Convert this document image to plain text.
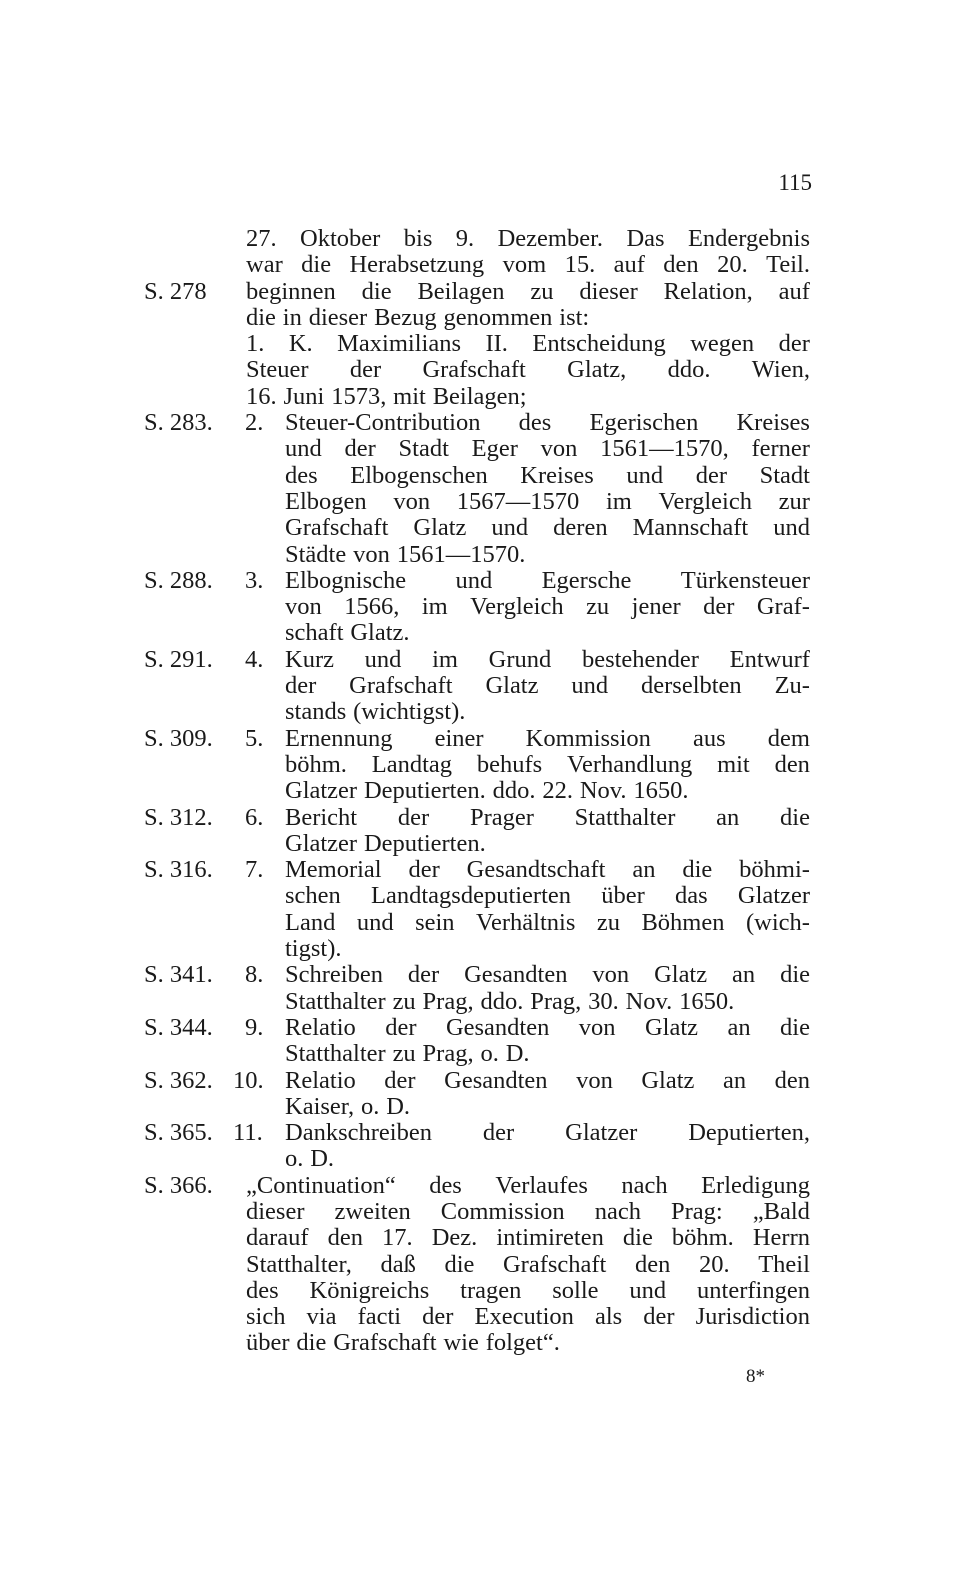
115
27. Oktober bis 9. Dezember. Das Endergebnis
war die Herabsetzung vom 15. auf den 20. Teil.
S. 278 beginnen die Beilagen zu dieser Relation, auf
die in dieser Bezug genommen ist:
1. K. Maximilians II. Entscheidung wegen der
Steuer der Grafschaft Glatz, ddo. Wien,
16. Juni 1573, mit Beilagen;
S. 283. 2. Steuer-Contribution des Egerischen Kreises
und der Stadt Eger von 1561—1570, ferner
des Elbogenschen Kreises und der Stadt
Elbogen von 1567—1570 im Vergleich zur
Grafschaft Glatz und deren Mannschaft und
Städte von 1561—1570.
S. 288. 3. Elbognische und Egersche Türkensteuer
von 1566, im Vergleich zu jener der Graf-
schaft Glatz.
S. 291. 4. Kurz und im Grund bestehender Entwurf
der Grafschaft Glatz und derselbten Zu-
stands (wichtigst).
S. 309. 5. Ernennung einer Kommission aus dem
böhm. Landtag behufs Verhandlung mit den
Glatzer Deputierten. ddo. 22. Nov. 1650.
S. 312. 6. Bericht der Prager Statthalter an die
Glatzer Deputierten.
S. 316. 7. Memorial der Gesandtschaft an die böhmi-
schen Landtagsdeputierten über das Glatzer
Land und sein Verhältnis zu Böhmen (wich-
tigst).
S. 341. 8. Schreiben der Gesandten von Glatz an die
Statthalter zu Prag, ddo. Prag, 30. Nov. 1650.
S. 344. 9. Relatio der Gesandten von Glatz an die
Statthalter zu Prag, o. D.
S. 362. 10. Relatio der Gesandten von Glatz an den
Kaiser, o. D.
S. 365. 11. Dankschreiben der Glatzer Deputierten,
o. D.
S. 366. „Continuation“ des Verlaufes nach Erledigung
dieser zweiten Commission nach Prag: „Bald
darauf den 17. Dez. intimireten die böhm. Herrn
Statthalter, daß die Grafschaft den 20. Theil
des Königreichs tragen solle und unterfingen
sich via facti der Execution als der Jurisdiction
über die Grafschaft wie folget“.
8*
